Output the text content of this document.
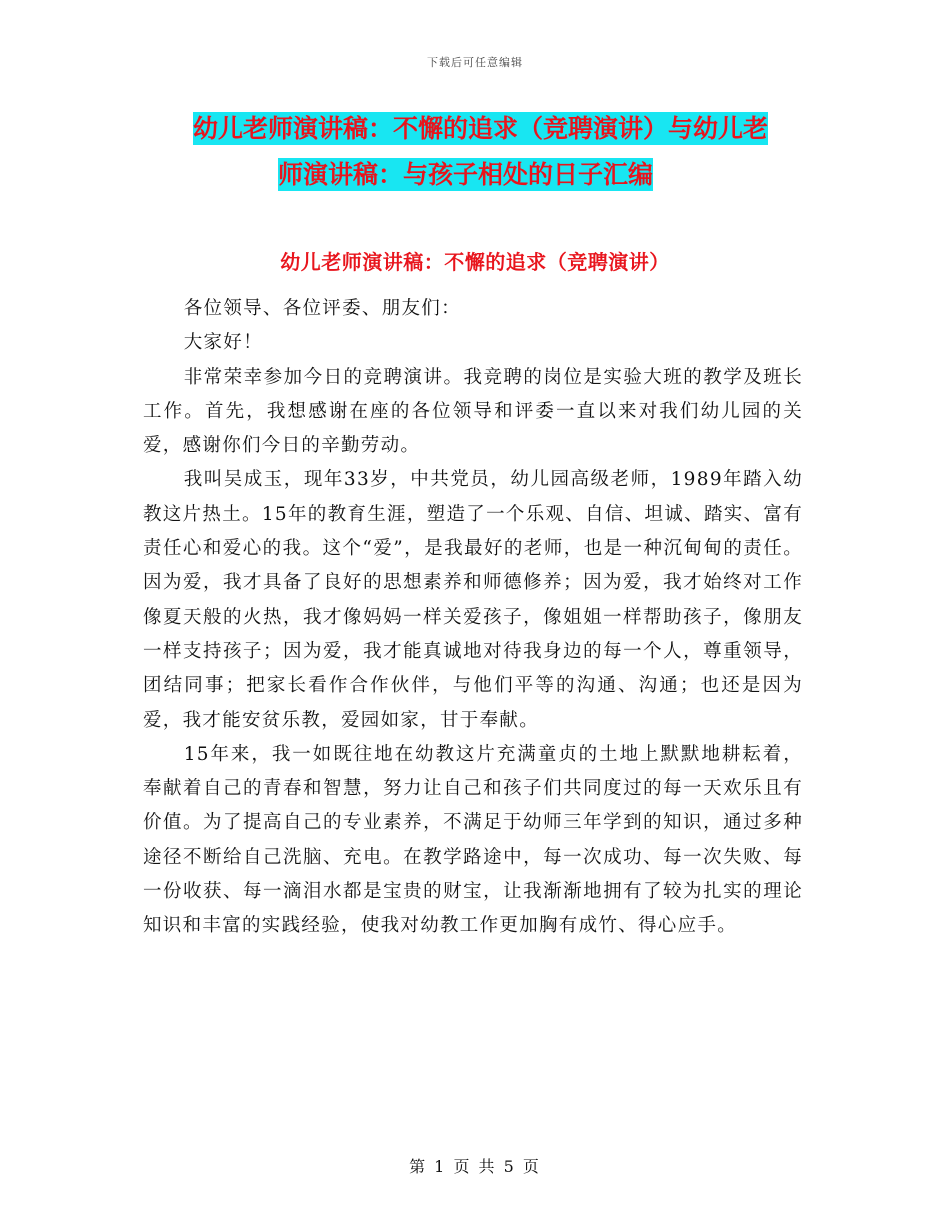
下载后可任意编辑
幼儿老师演讲稿：不懈的追求（竞聘演讲）与幼儿老
师演讲稿：与孩子相处的日子汇编
幼儿老师演讲稿：不懈的追求（竞聘演讲）

各位领导、各位评委、朋友们：

大家好！

非常荣幸参加今日的竞聘演讲。我竞聘的岗位是实验大班的教学及班长工作。首先，我想感谢在座的各位领导和评委一直以来对我们幼儿园的关爱，感谢你们今日的辛勤劳动。

我叫吴成玉，现年33岁，中共党员，幼儿园高级老师，1989年踏入幼教这片热土。15年的教育生涯，塑造了一个乐观、自信、坦诚、踏实、富有责任心和爱心的我。这个“爱”，是我最好的老师，也是一种沉甸甸的责任。因为爱，我才具备了良好的思想素养和师德修养；因为爱，我才始终对工作像夏天般的火热，我才像妈妈一样关爱孩子，像姐姐一样帮助孩子，像朋友一样支持孩子；因为爱，我才能真诚地对待我身边的每一个人，尊重领导，团结同事；把家长看作合作伙伴，与他们平等的沟通、沟通；也还是因为爱，我才能安贫乐教，爱园如家，甘于奉献。

15年来，我一如既往地在幼教这片充满童贞的土地上默默地耕耘着，奉献着自己的青春和智慧，努力让自己和孩子们共同度过的每一天欢乐且有价值。为了提高自己的专业素养，不满足于幼师三年学到的知识，通过多种途径不断给自己洗脑、充电。在教学路途中，每一次成功、每一次失败、每一份收获、每一滴泪水都是宝贵的财宝，让我渐渐地拥有了较为扎实的理论知识和丰富的实践经验，使我对幼教工作更加胸有成竹、得心应手。

第 1 页 共 5 页
